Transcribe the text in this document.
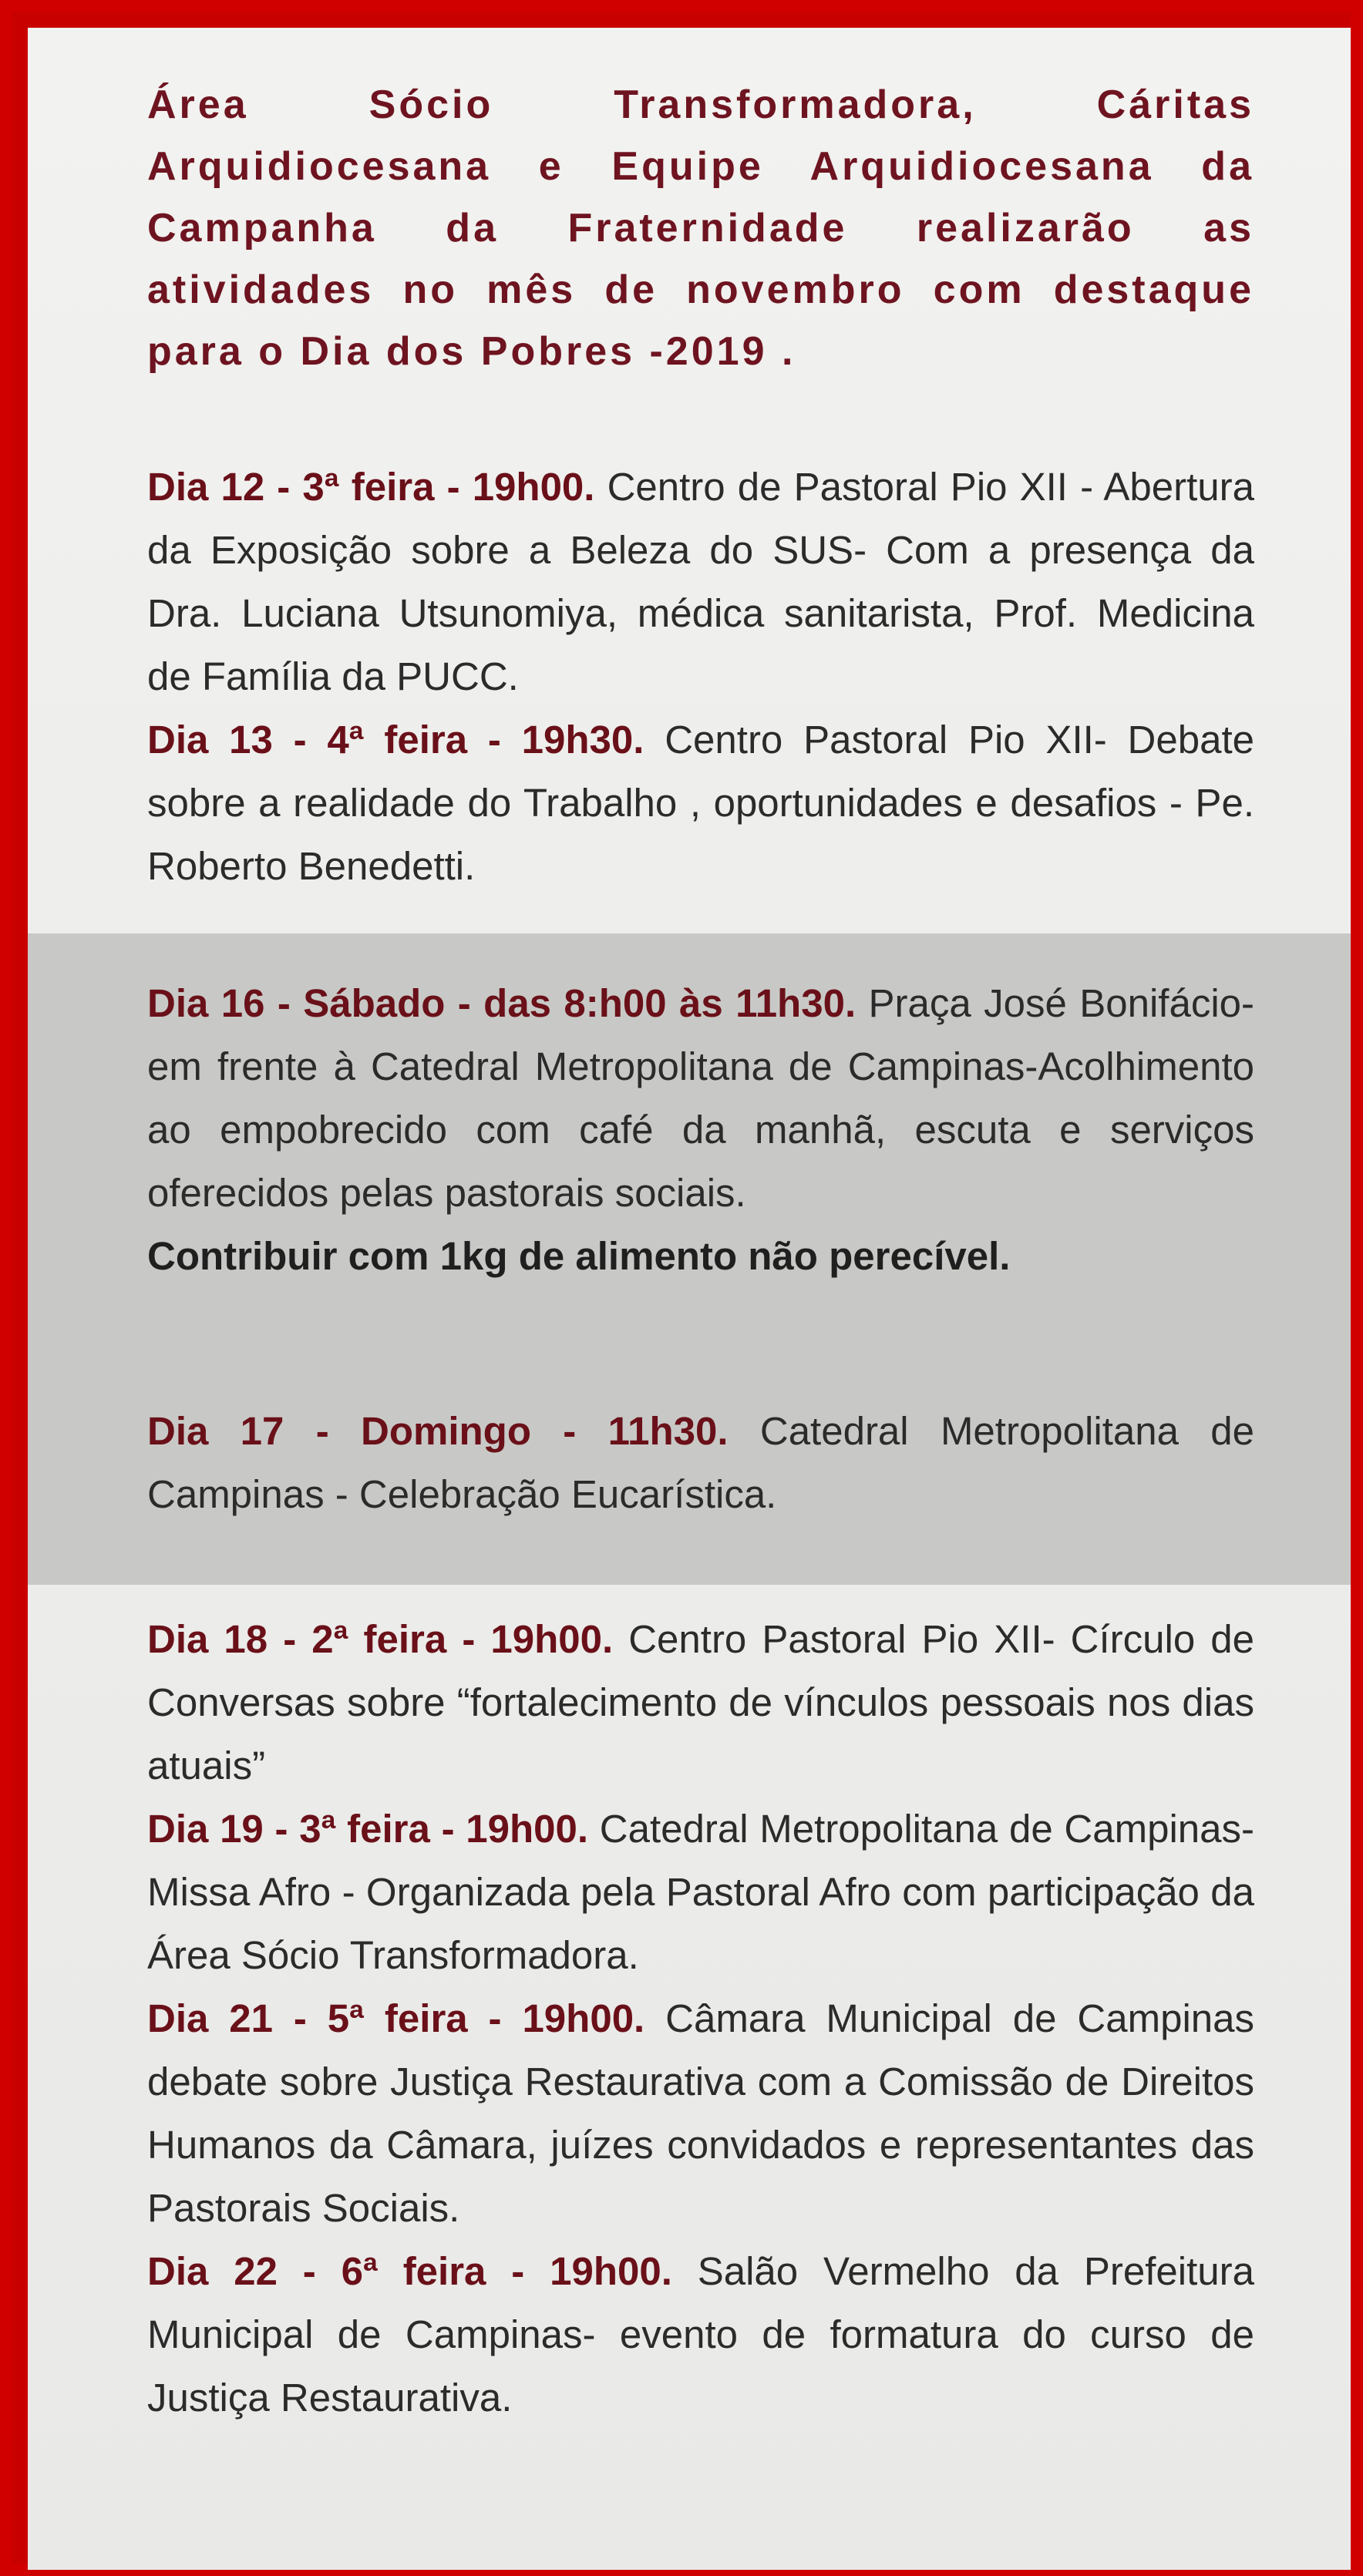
Área Sócio Transformadora, Cáritas Arquidiocesana e Equipe Arquidiocesana da Campanha da Fraternidade realizarão as atividades no mês de novembro com destaque para o Dia dos Pobres -2019 .

Dia 12 - 3ª feira - 19h00. Centro de Pastoral Pio XII - Abertura da Exposição sobre a Beleza do SUS- Com a presença da Dra. Luciana Utsunomiya, médica sanitarista, Prof. Medicina de Família da PUCC.

Dia 13 - 4ª feira - 19h30. Centro Pastoral Pio XII- Debate sobre a realidade do Trabalho , oportunidades e desafios - Pe. Roberto Benedetti.

Dia 16 - Sábado - das 8:h00 às 11h30. Praça José Bonifácio- em frente à Catedral Metropolitana de Campinas-Acolhimento ao empobrecido com café da manhã, escuta e serviços oferecidos pelas pastorais sociais.

Contribuir com 1kg de alimento não perecível.

Dia 17 - Domingo - 11h30. Catedral Metropolitana de Campinas - Celebração Eucarística.

Dia 18 - 2ª feira - 19h00. Centro Pastoral Pio XII- Círculo de Conversas sobre “fortalecimento de vínculos pessoais nos dias atuais”

Dia 19 - 3ª feira - 19h00. Catedral Metropolitana de Campinas- Missa Afro - Organizada pela Pastoral Afro com participação da Área Sócio Transformadora.

Dia 21 - 5ª feira - 19h00. Câmara Municipal de Campinas debate sobre Justiça Restaurativa com a Comissão de Direitos Humanos da Câmara, juízes convidados e representantes das Pastorais Sociais.

Dia 22 - 6ª feira - 19h00. Salão Vermelho da Prefeitura Municipal de Campinas- evento de formatura do curso de Justiça Restaurativa.
